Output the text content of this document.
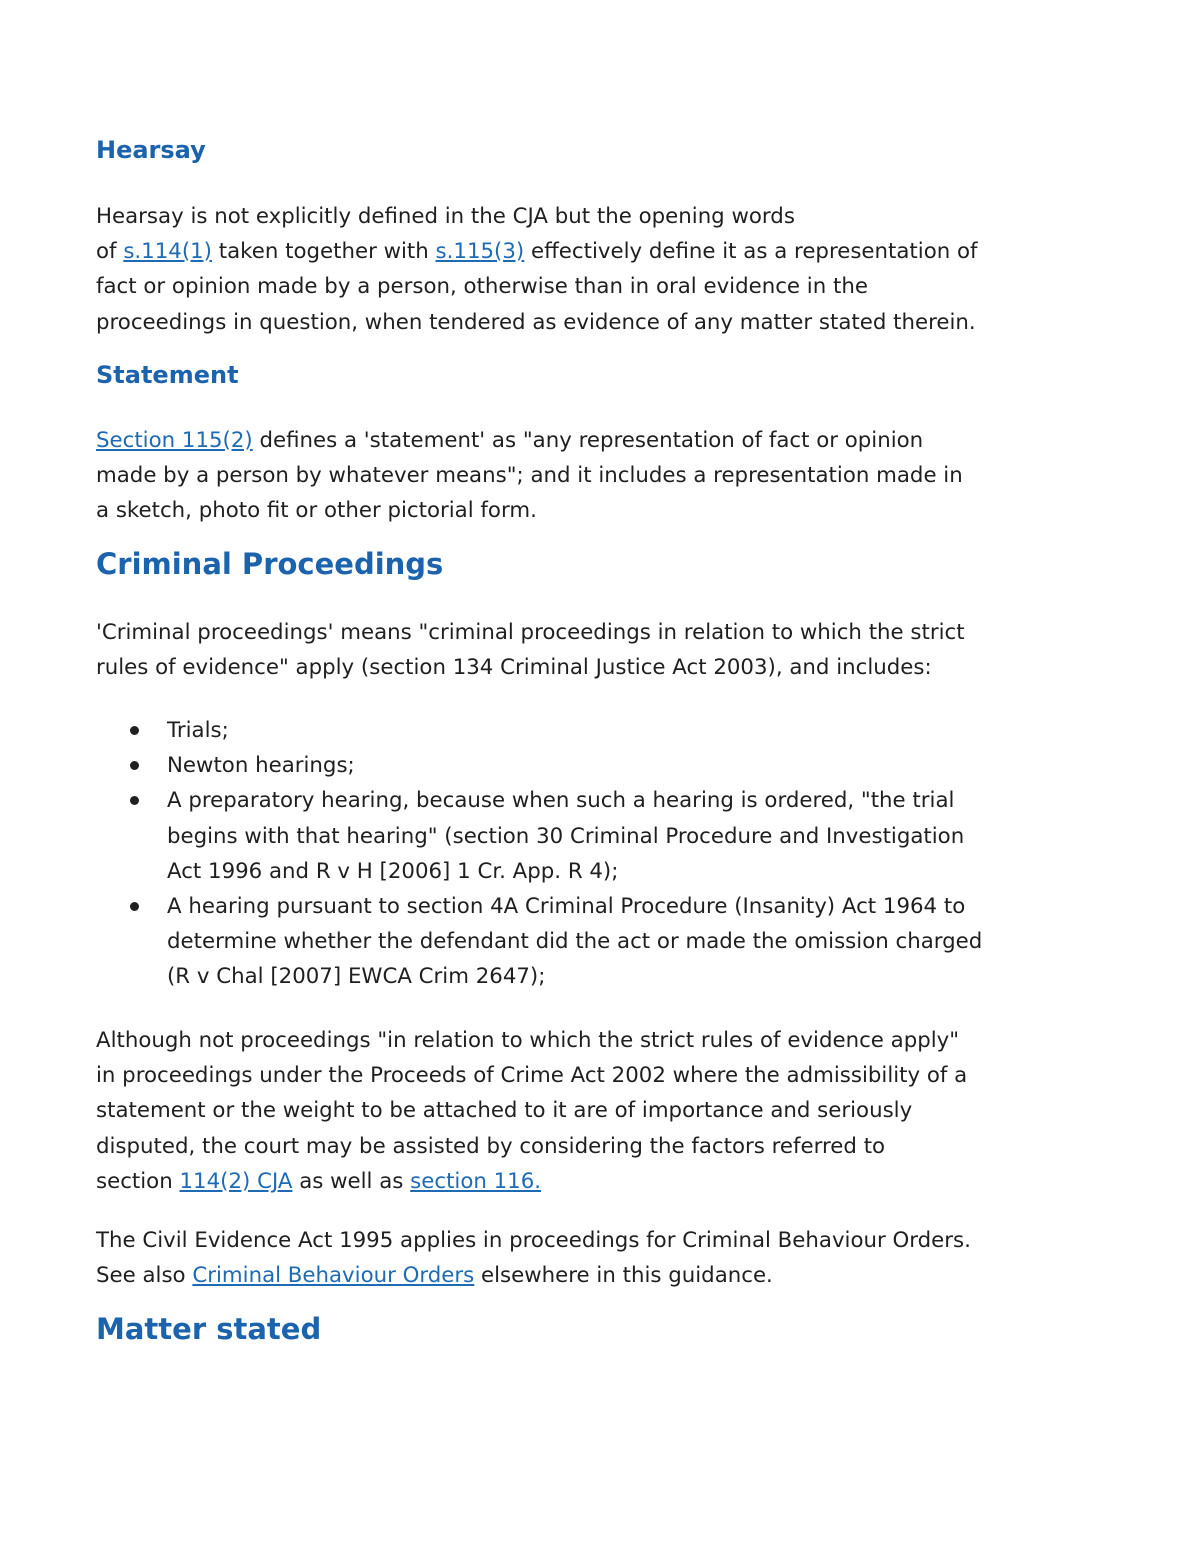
Hearsay
Hearsay is not explicitly defined in the CJA but the opening words
of s.114(1) taken together with s.115(3) effectively define it as a representation of
fact or opinion made by a person, otherwise than in oral evidence in the
proceedings in question, when tendered as evidence of any matter stated therein.
Statement
Section 115(2) defines a 'statement' as "any representation of fact or opinion
made by a person by whatever means"; and it includes a representation made in
a sketch, photo fit or other pictorial form.
Criminal Proceedings
'Criminal proceedings' means "criminal proceedings in relation to which the strict
rules of evidence" apply (section 134 Criminal Justice Act 2003), and includes:
Trials;
Newton hearings;
A preparatory hearing, because when such a hearing is ordered, "the trial
begins with that hearing" (section 30 Criminal Procedure and Investigation
Act 1996 and R v H [2006] 1 Cr. App. R 4);
A hearing pursuant to section 4A Criminal Procedure (Insanity) Act 1964 to
determine whether the defendant did the act or made the omission charged
(R v Chal [2007] EWCA Crim 2647);
Although not proceedings "in relation to which the strict rules of evidence apply"
in proceedings under the Proceeds of Crime Act 2002 where the admissibility of a
statement or the weight to be attached to it are of importance and seriously
disputed, the court may be assisted by considering the factors referred to
section 114(2) CJA as well as section 116.
The Civil Evidence Act 1995 applies in proceedings for Criminal Behaviour Orders.
See also Criminal Behaviour Orders elsewhere in this guidance.
Matter stated
